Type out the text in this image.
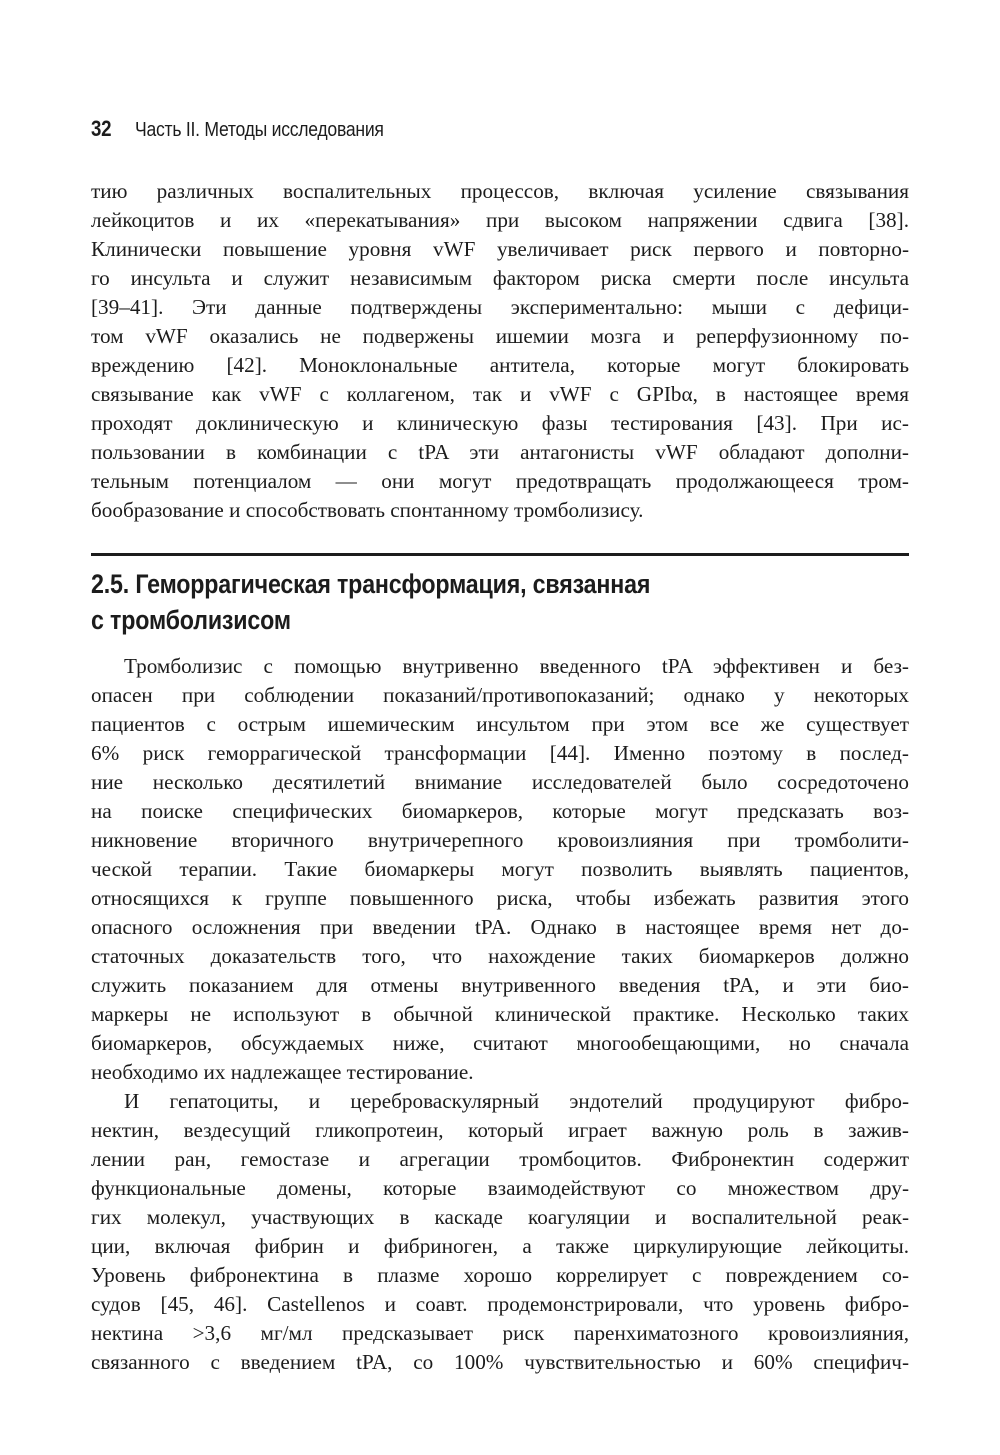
32 Часть II. Методы исследования
тию различных воспалительных процессов, включая усиление связывания
лейкоцитов и их «перекатывания» при высоком напряжении сдвига [38].
Клинически повышение уровня vWF увеличивает риск первого и повторно-
го инсульта и служит независимым фактором риска смерти после инсульта
[39–41]. Эти данные подтверждены экспериментально: мыши с дефици-
том vWF оказались не подвержены ишемии мозга и реперфузионному по-
вреждению [42]. Моноклональные антитела, которые могут блокировать
связывание как vWF с коллагеном, так и vWF с GPIbα, в настоящее время
проходят доклиническую и клиническую фазы тестирования [43]. При ис-
пользовании в комбинации с tPA эти антагонисты vWF обладают дополни-
тельным потенциалом — они могут предотвращать продолжающееся тром-
бообразование и способствовать спонтанному тромболизису.
2.5. Геморрагическая трансформация, связанная
с тромболизисом
Тромболизис с помощью внутривенно введенного tPA эффективен и без-
опасен при соблюдении показаний/противопоказаний; однако у некоторых
пациентов с острым ишемическим инсультом при этом все же существует
6% риск геморрагической трансформации [44]. Именно поэтому в послед-
ние несколько десятилетий внимание исследователей было сосредоточено
на поиске специфических биомаркеров, которые могут предсказать воз-
никновение вторичного внутричерепного кровоизлияния при тромболити-
ческой терапии. Такие биомаркеры могут позволить выявлять пациентов,
относящихся к группе повышенного риска, чтобы избежать развития этого
опасного осложнения при введении tPA. Однако в настоящее время нет до-
статочных доказательств того, что нахождение таких биомаркеров должно
служить показанием для отмены внутривенного введения tPA, и эти био-
маркеры не используют в обычной клинической практике. Несколько таких
биомаркеров, обсуждаемых ниже, считают многообещающими, но сначала
необходимо их надлежащее тестирование.
И гепатоциты, и цереброваскулярный эндотелий продуцируют фибро-
нектин, вездесущий гликопротеин, который играет важную роль в зажив-
лении ран, гемостазе и агрегации тромбоцитов. Фибронектин содержит
функциональные домены, которые взаимодействуют со множеством дру-
гих молекул, участвующих в каскаде коагуляции и воспалительной реак-
ции, включая фибрин и фибриноген, а также циркулирующие лейкоциты.
Уровень фибронектина в плазме хорошо коррелирует с повреждением со-
судов [45, 46]. Castellenos и соавт. продемонстрировали, что уровень фибро-
нектина >3,6 мг/мл предсказывает риск паренхиматозного кровоизлияния,
связанного с введением tPA, со 100% чувствительностью и 60% специфич-
